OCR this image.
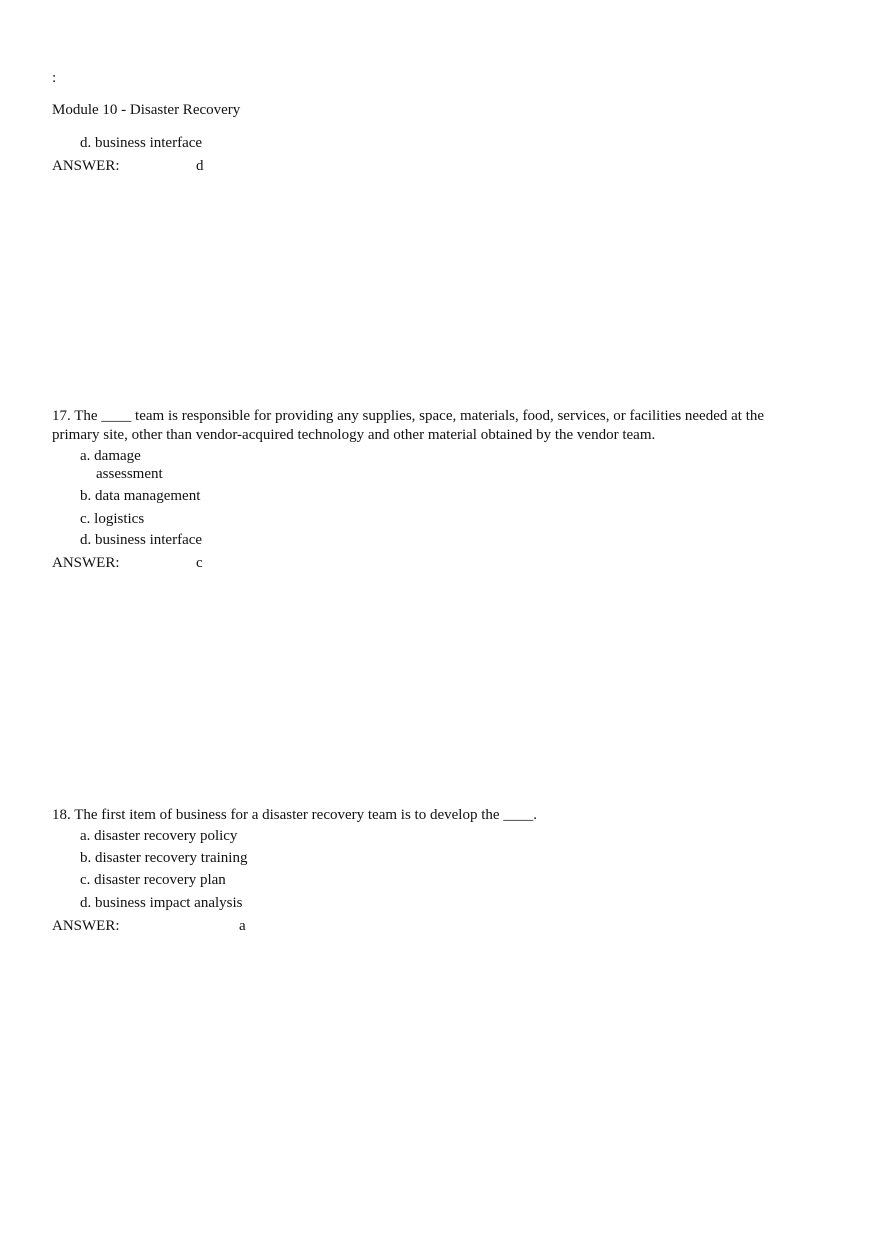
:
Module 10 - Disaster Recovery
d. business interface
ANSWER:	d
17. The ____ team is responsible for providing any supplies, space, materials, food, services, or facilities needed at the
primary site, other than vendor-acquired technology and other material obtained by the vendor team.
a. damage
assessment
b. data management
c. logistics
d. business interface
ANSWER:	c
18. The first item of business for a disaster recovery team is to develop the ____.
a. disaster recovery policy
b. disaster recovery training
c. disaster recovery plan
d. business impact analysis
ANSWER:	a
